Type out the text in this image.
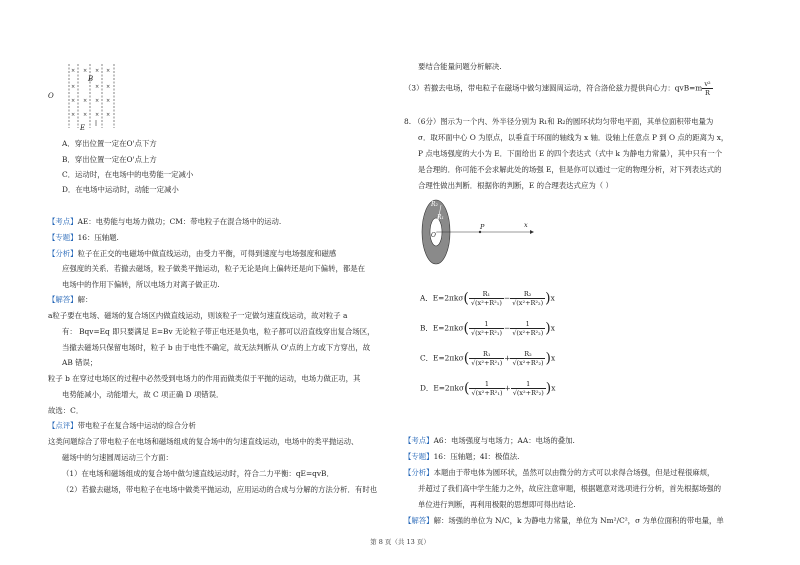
× × × ×
×	× ×
× × × ×
× × × ×
B
O
E
A．穿出位置一定在O'点下方
B．穿出位置一定在O'点上方
C．运动时，在电场中的电势能一定减小
D．在电场中运动时，动能一定减小
【考点】AE：电势能与电场力做功；CM：带电粒子在混合场中的运动.
【专题】16：压轴题.
【分析】粒子在正交的电磁场中做直线运动，由受力平衡，可得到速度与电场强度和磁感
应强度的关系．若撤去磁场，粒子做类平抛运动，粒子无论是向上偏转还是向下偏转，都是在
电场中的作用下偏转，所以电场力对离子做正功.
【解答】解：
a粒子要在电场、磁场的复合场区内做直线运动，则该粒子一定做匀速直线运动，故对粒子 a
有： Bqv=Eq 即只要满足 E=Bv 无论粒子带正电还是负电，粒子都可以沿直线穿出复合场区，
当撤去磁场只保留电场时，粒子 b 由于电性不确定，故无法判断从 O'点的上方或下方穿出，故
AB 错误；
粒子 b 在穿过电场区的过程中必然受到电场力的作用而做类似于平抛的运动，电场力做正功，其
电势能减小，动能增大，故 C 项正确 D 项错误．
故选：C．
【点评】带电粒子在复合场中运动的综合分析
这类问题综合了带电粒子在电场和磁场组成的复合场中的匀速直线运动，电场中的类平抛运动、
磁场中的匀速圆周运动三个方面：
（1）在电场和磁场组成的复合场中做匀速直线运动时，符合二力平衡：qE=qvB．
（2）若撤去磁场，带电粒子在电场中做类平抛运动，应用运动的合成与分解的方法分析．有时也
要结合能量问题分析解决.
（3）若撤去电场，带电粒子在磁场中做匀速圆周运动，符合洛伦兹力提供向心力：$qvB=m \frac{\text{v²}}{R}$
8. （6分）图示为一个内、外半径分别为 R₁和 R₂的圆环状均匀带电平面，其单位面积带电量为
σ．取环面中心 O 为原点，以垂直于环面的轴线为 x 轴．设轴上任意点 P 到 O 点的距离为 x，
P 点电场强度的大小为 E．下面给出 E 的四个表达式（式中 k 为静电力常量），其中只有一个
是合理的．你可能不会求解此处的场强 E，但是你可以通过一定的物理分析，对下列表达式的
合理性做出判断．根据你的判断，E 的合理表达式应为（ ）
R₂
R₁
O
P	x
A．$E=2\pi k\sigma( \frac{\text{R₁}}{\text{√(x²+R²₁)}} - \frac{\text{R₂}}{\text{√(x²+R²₂)}} )x$
B．$E=2\pi k\sigma( \frac{1}{\text{√(x²+R²₁)}} - \frac{1}{\text{√(x²+R²₂)}} )x$
C．$E=2\pi k\sigma( \frac{\text{R₁}}{\text{√(x²+R²₁)}} + \frac{\text{R₂}}{\text{√(x²+R²₂)}} )x$
D．$E=2\pi k\sigma( \frac{1}{\text{√(x²+R²₁)}} + \frac{1}{\text{√(x²+R²₂)}} )x$
【考点】A6：电场强度与电场力；AA：电场的叠加.
【专题】16：压轴题；4I：极值法.
【分析】本题由于带电体为圆环状，虽然可以由微分的方式可以求得合场强，但是过程很麻烦，
并超过了我们高中学生能力之外，故应注意审题，根据题意对选项进行分析，首先根据场强的
单位进行判断，再利用极限的思想即可得出结论.
【解答】解：场强的单位为 N/C，k 为静电力常量，单位为 Nm²/C²，σ 为单位面积的带电量，单
第 8 页（共 13 页）
